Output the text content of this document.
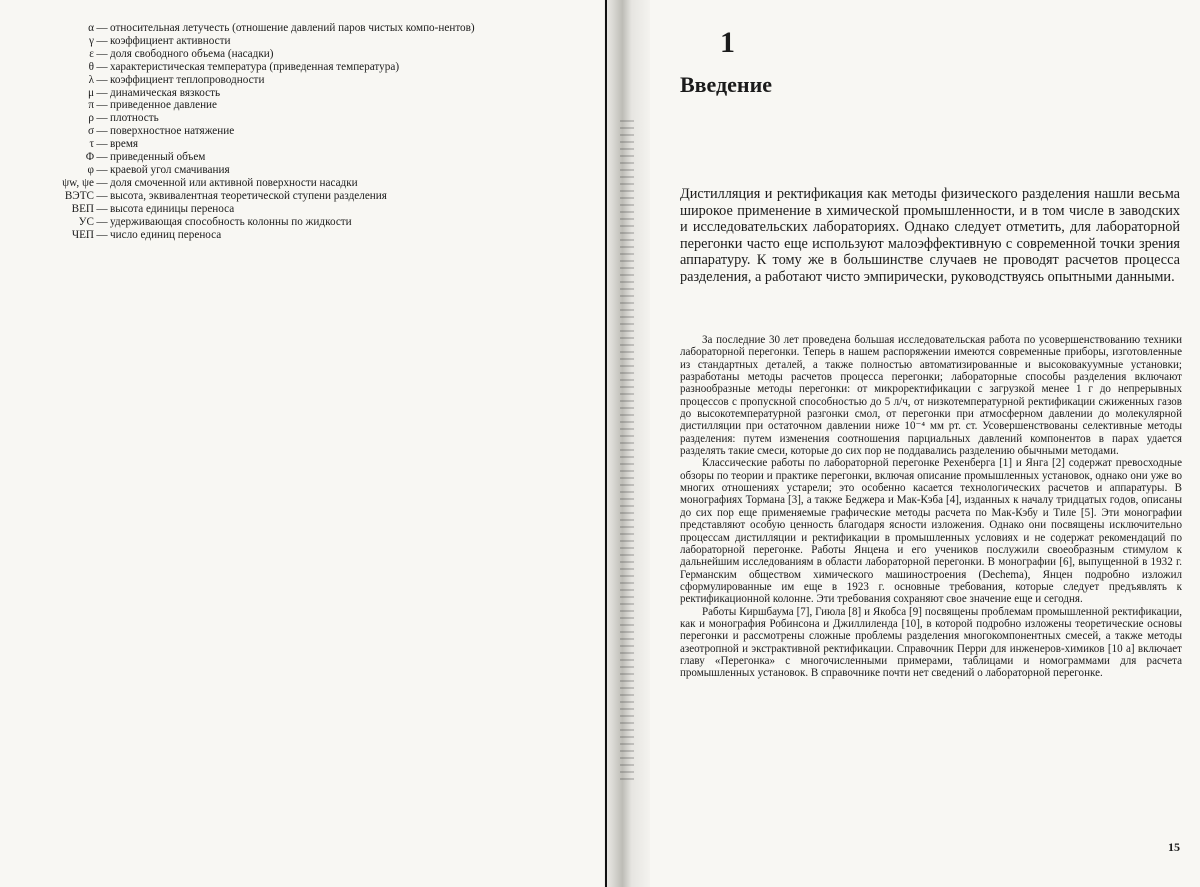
α — относительная летучесть (отношение давлений паров чистых компо-нентов)
γ — коэффициент активности
ε — доля свободного объема (насадки)
θ — характеристическая температура (приведенная температура)
λ — коэффициент теплопроводности
μ — динамическая вязкость
π — приведенное давление
ρ — плотность
σ — поверхностное натяжение
τ — время
Φ — приведенный объем
φ — краевой угол смачивания
ψw, ψe — доля смоченной или активной поверхности насадки
ВЭТС — высота, эквивалентная теоретической ступени разделения
ВЕП — высота единицы переноса
УС — удерживающая способность колонны по жидкости
ЧЕП — число единиц переноса
1
Введение
Дистилляция и ректификация как методы физического разделения нашли весьма широкое применение в химической промышленности, и в том числе в заводских и исследовательских лабораториях. Однако следует отметить, для лабораторной перегонки часто еще используют малоэффективную с современной точки зрения аппаратуру. К тому же в большинстве случаев не проводят расчетов процесса разделения, а работают чисто эмпирически, руководствуясь опытными данными.

За последние 30 лет проведена большая исследовательская работа по усовершенствованию техники лабораторной перегонки. Теперь в нашем распоряжении имеются современные приборы, изготовленные из стандартных деталей, а также полностью автоматизированные и высоковакуумные установки; разработаны методы расчетов процесса перегонки; лабораторные способы разделения включают разнообразные методы перегонки: от микроректификации с загрузкой менее 1 г до непрерывных процессов с пропускной способностью до 5 л/ч, от низкотемпературной ректификации сжиженных газов до высокотемпературной разгонки смол, от перегонки при атмосферном давлении до молекулярной дистилляции при остаточном давлении ниже 10⁻⁴ мм рт. ст. Усовершенствованы селективные методы разделения: путем изменения соотношения парциальных давлений компонентов в парах удается разделять такие смеси, которые до сих пор не поддавались разделению обычными методами.

Классические работы по лабораторной перегонке Рехенберга [1] и Янга [2] содержат превосходные обзоры по теории и практике перегонки, включая описание промышленных установок, однако они уже во многих отношениях устарели; это особенно касается технологических расчетов и аппаратуры. В монографиях Тормана [3], а также Беджера и Мак-Кэба [4], изданных к началу тридцатых годов, описаны до сих пор еще применяемые графические методы расчета по Мак-Кэбу и Тиле [5]. Эти монографии представляют особую ценность благодаря ясности изложения. Однако они посвящены исключительно процессам дистилляции и ректификации в промышленных условиях и не содержат рекомендаций по лабораторной перегонке. Работы Янцена и его учеников послужили своеобразным стимулом к дальнейшим исследованиям в области лабораторной перегонки. В монографии [6], выпущенной в 1932 г. Германским обществом химического машиностроения (Dechema), Янцен подробно изложил сформулированные им еще в 1923 г. основные требования, которые следует предъявлять к ректификационной колонне. Эти требования сохраняют свое значение еще и сегодня.

Работы Киршбаума [7], Гиюла [8] и Якобса [9] посвящены проблемам промышленной ректификации, как и монография Робинсона и Джиллиленда [10], в которой подробно изложены теоретические основы перегонки и рассмотрены сложные проблемы разделения многокомпонентных смесей, а также методы азеотропной и экстрактивной ректификации. Справочник Перри для инженеров-химиков [10 а] включает главу «Перегонка» с многочисленными примерами, таблицами и номограммами для расчета промышленных установок. В справочнике почти нет сведений о лабораторной перегонке.

15
